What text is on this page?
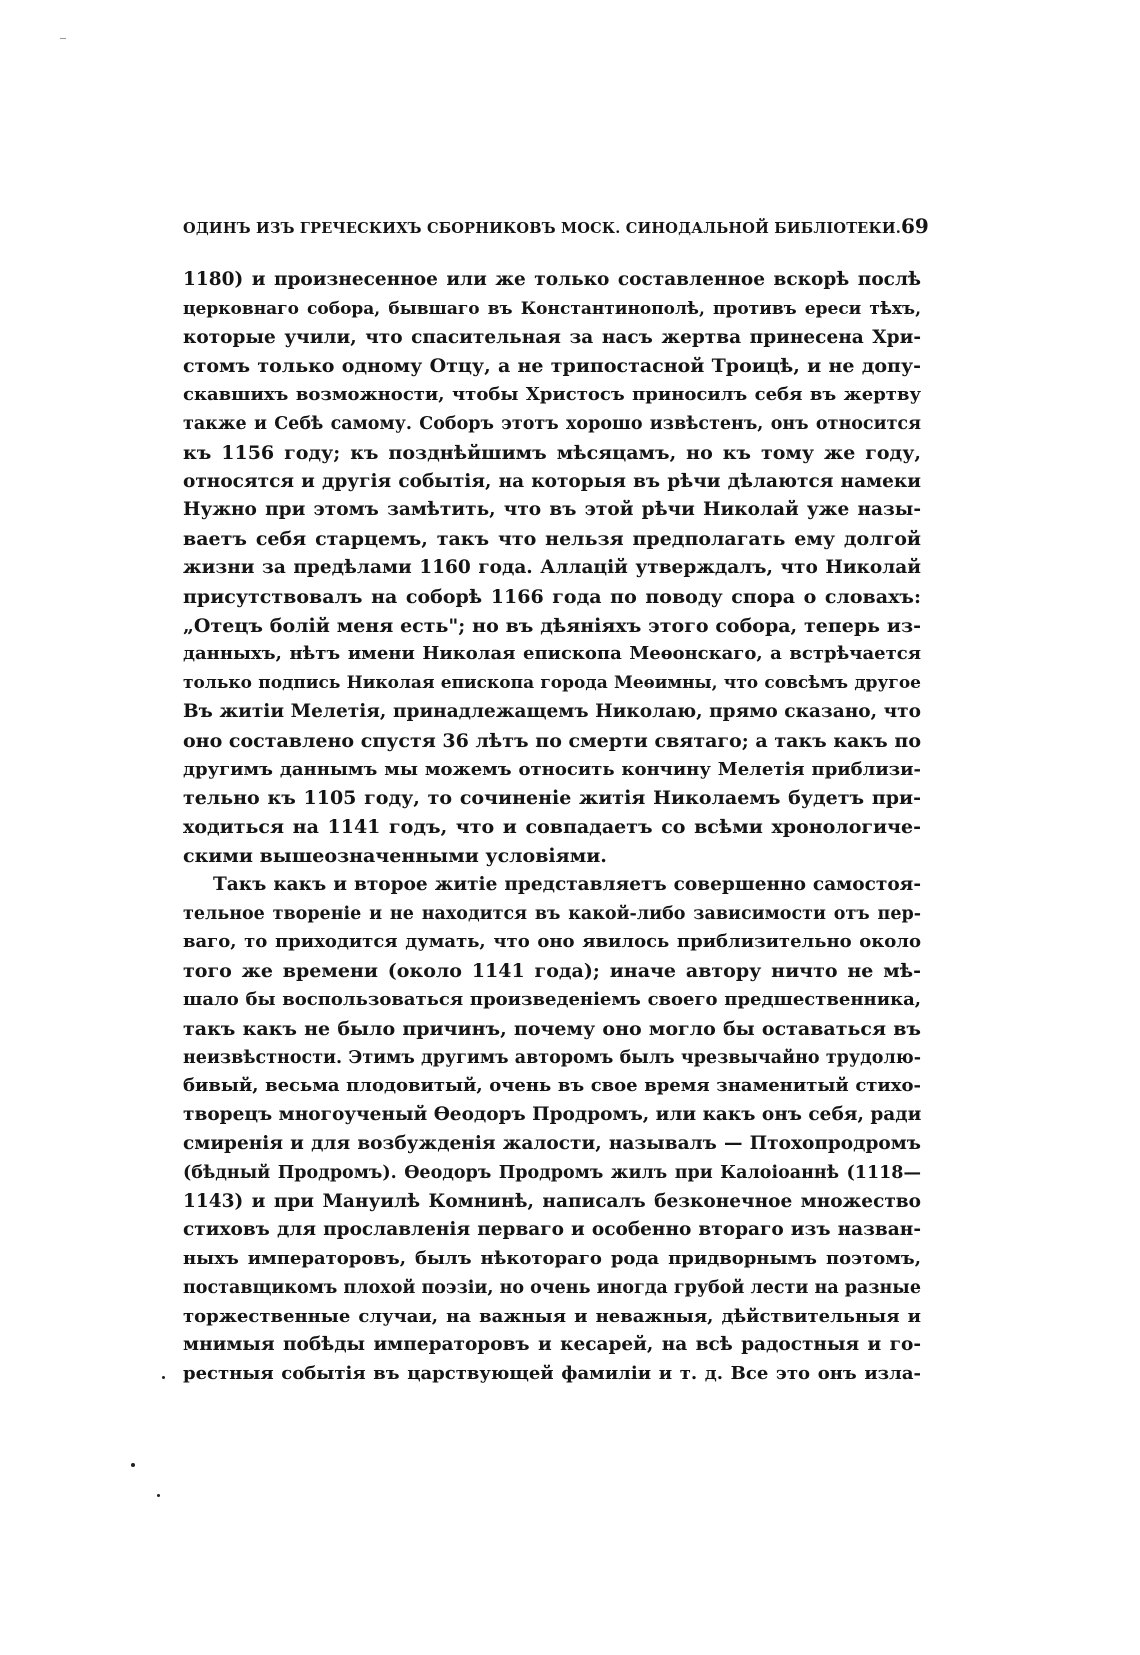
ОДИНЪ ИЗЪ ГРЕЧЕСКИХЪ СБОРНИКОВЪ МОСК. СИНОДАЛЬНОЙ БИБЛІОТЕКИ. 69
1180) и произнесенное или же только составленное вскорѣ послѣ
церковнаго собора, бывшаго въ Константинополѣ, противъ ереси тѣхъ,
которые учили, что спасительная за насъ жертва принесена Хри-
стомъ только одному Отцу, а не трипостасной Троицѣ, и не допу-
скавшихъ возможности, чтобы Христосъ приносилъ себя въ жертву
также и Себѣ самому. Соборъ этотъ хорошо извѣстенъ, онъ относится
къ 1156 году; къ позднѣйшимъ мѣсяцамъ, но къ тому же году,
относятся и другія событія, на которыя въ рѣчи дѣлаются намеки
Нужно при этомъ замѣтить, что въ этой рѣчи Николай уже назы-
ваетъ себя старцемъ, такъ что нельзя предполагать ему долгой
жизни за предѣлами 1160 года. Аллацій утверждалъ, что Николай
присутствовалъ на соборѣ 1166 года по поводу спора о словахъ:
„Отецъ болій меня есть"; но въ дѣяніяхъ этого собора, теперь из-
данныхъ, нѣтъ имени Николая епископа Меѳонскаго, а встрѣчается
только подпись Николая епископа города Меѳимны, что совсѣмъ другое
Въ житіи Мелетія, принадлежащемъ Николаю, прямо сказано, что
оно составлено спустя 36 лѣтъ по смерти святаго; а такъ какъ по
другимъ даннымъ мы можемъ относить кончину Мелетія приблизи-
тельно къ 1105 году, то сочиненіе житія Николаемъ будетъ при-
ходиться на 1141 годъ, что и совпадаетъ со всѣми хронологиче-
скими вышеозначенными условіями.
Такъ какъ и второе житіе представляетъ совершенно самостоя-
тельное твореніе и не находится въ какой-либо зависимости отъ пер-
ваго, то приходится думать, что оно явилось приблизительно около
того же времени (около 1141 года); иначе автору ничто не мѣ-
шало бы воспользоваться произведеніемъ своего предшественника,
такъ какъ не было причинъ, почему оно могло бы оставаться въ
неизвѣстности. Этимъ другимъ авторомъ былъ чрезвычайно трудолю-
бивый, весьма плодовитый, очень въ свое время знаменитый стихо-
творецъ многоученый Ѳеодоръ Продромъ, или какъ онъ себя, ради
смиренія и для возбужденія жалости, называлъ — Птохопродромъ
(бѣдный Продромъ). Ѳеодоръ Продромъ жилъ при Калоіоаннѣ (1118—
1143) и при Мануилѣ Комнинѣ, написалъ безконечное множество
стиховъ для прославленія перваго и особенно втораго изъ назван-
ныхъ императоровъ, былъ нѣкотораго рода придворнымъ поэтомъ,
поставщикомъ плохой поэзіи, но очень иногда грубой лести на разные
торжественные случаи, на важныя и неважныя, дѣйствительныя и
мнимыя побѣды императоровъ и кесарей, на всѣ радостныя и го-
рестныя событія въ царствующей фамиліи и т. д. Все это онъ изла-
